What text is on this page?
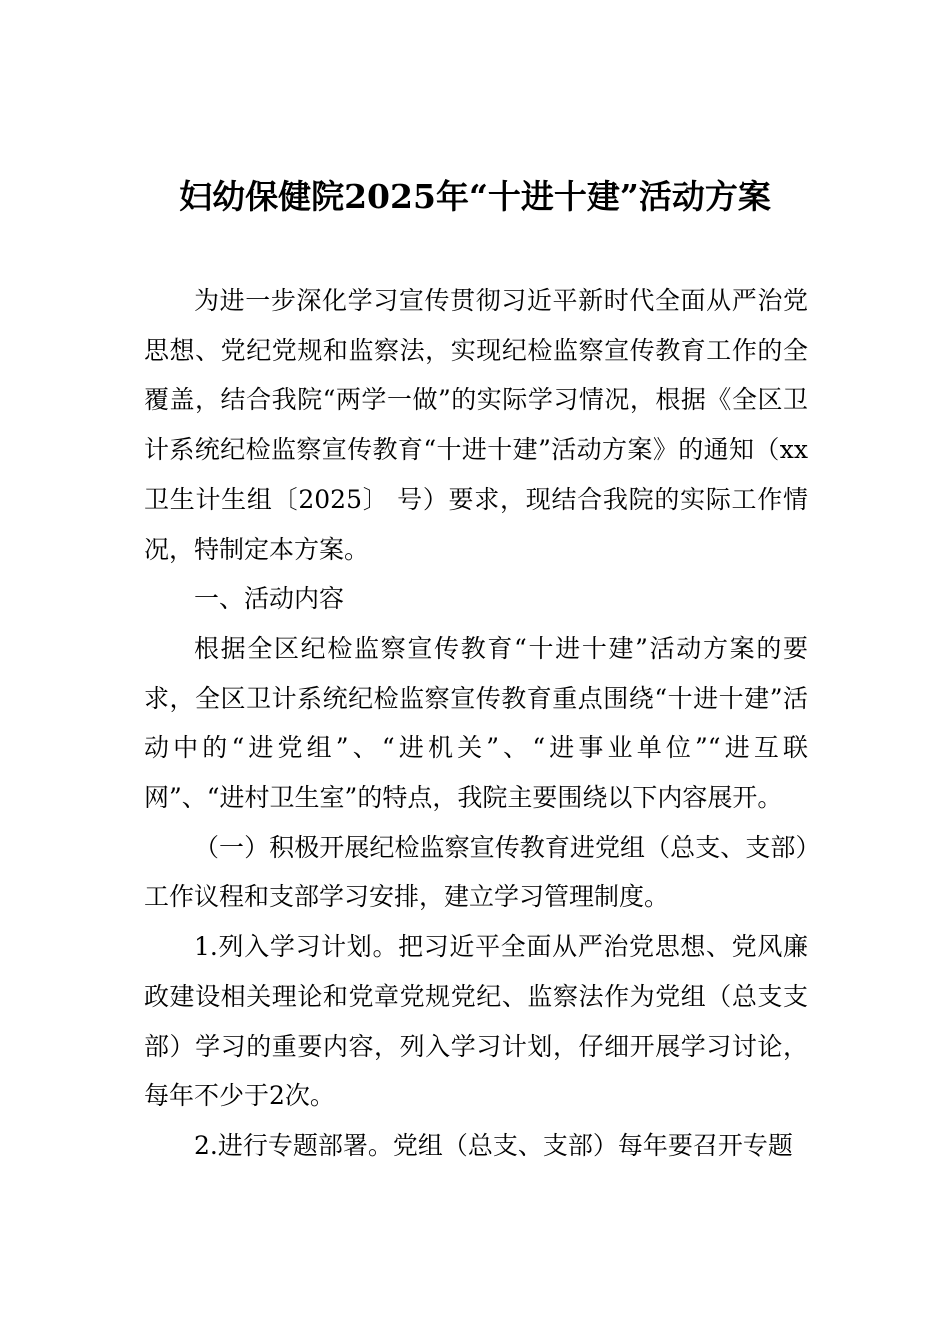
妇幼保健院2025年“十进十建”活动方案

为进一步深化学习宣传贯彻习近平新时代全面从严治党思想、党纪党规和监察法，实现纪检监察宣传教育工作的全覆盖，结合我院“两学一做”的实际学习情况，根据《全区卫计系统纪检监察宣传教育“十进十建”活动方案》的通知（xx卫生计生组〔2025〕 号）要求，现结合我院的实际工作情况，特制定本方案。

一、活动内容

根据全区纪检监察宣传教育“十进十建”活动方案的要求，全区卫计系统纪检监察宣传教育重点围绕“十进十建”活动中的“进党组”、“进机关”、“进事业单位”“进互联网”、“进村卫生室”的特点，我院主要围绕以下内容展开。

（一）积极开展纪检监察宣传教育进党组（总支、支部）工作议程和支部学习安排，建立学习管理制度。

1.列入学习计划。把习近平全面从严治党思想、党风廉政建设相关理论和党章党规党纪、监察法作为党组（总支支部）学习的重要内容，列入学习计划，仔细开展学习讨论，每年不少于2次。

2.进行专题部署。党组（总支、支部）每年要召开专题
